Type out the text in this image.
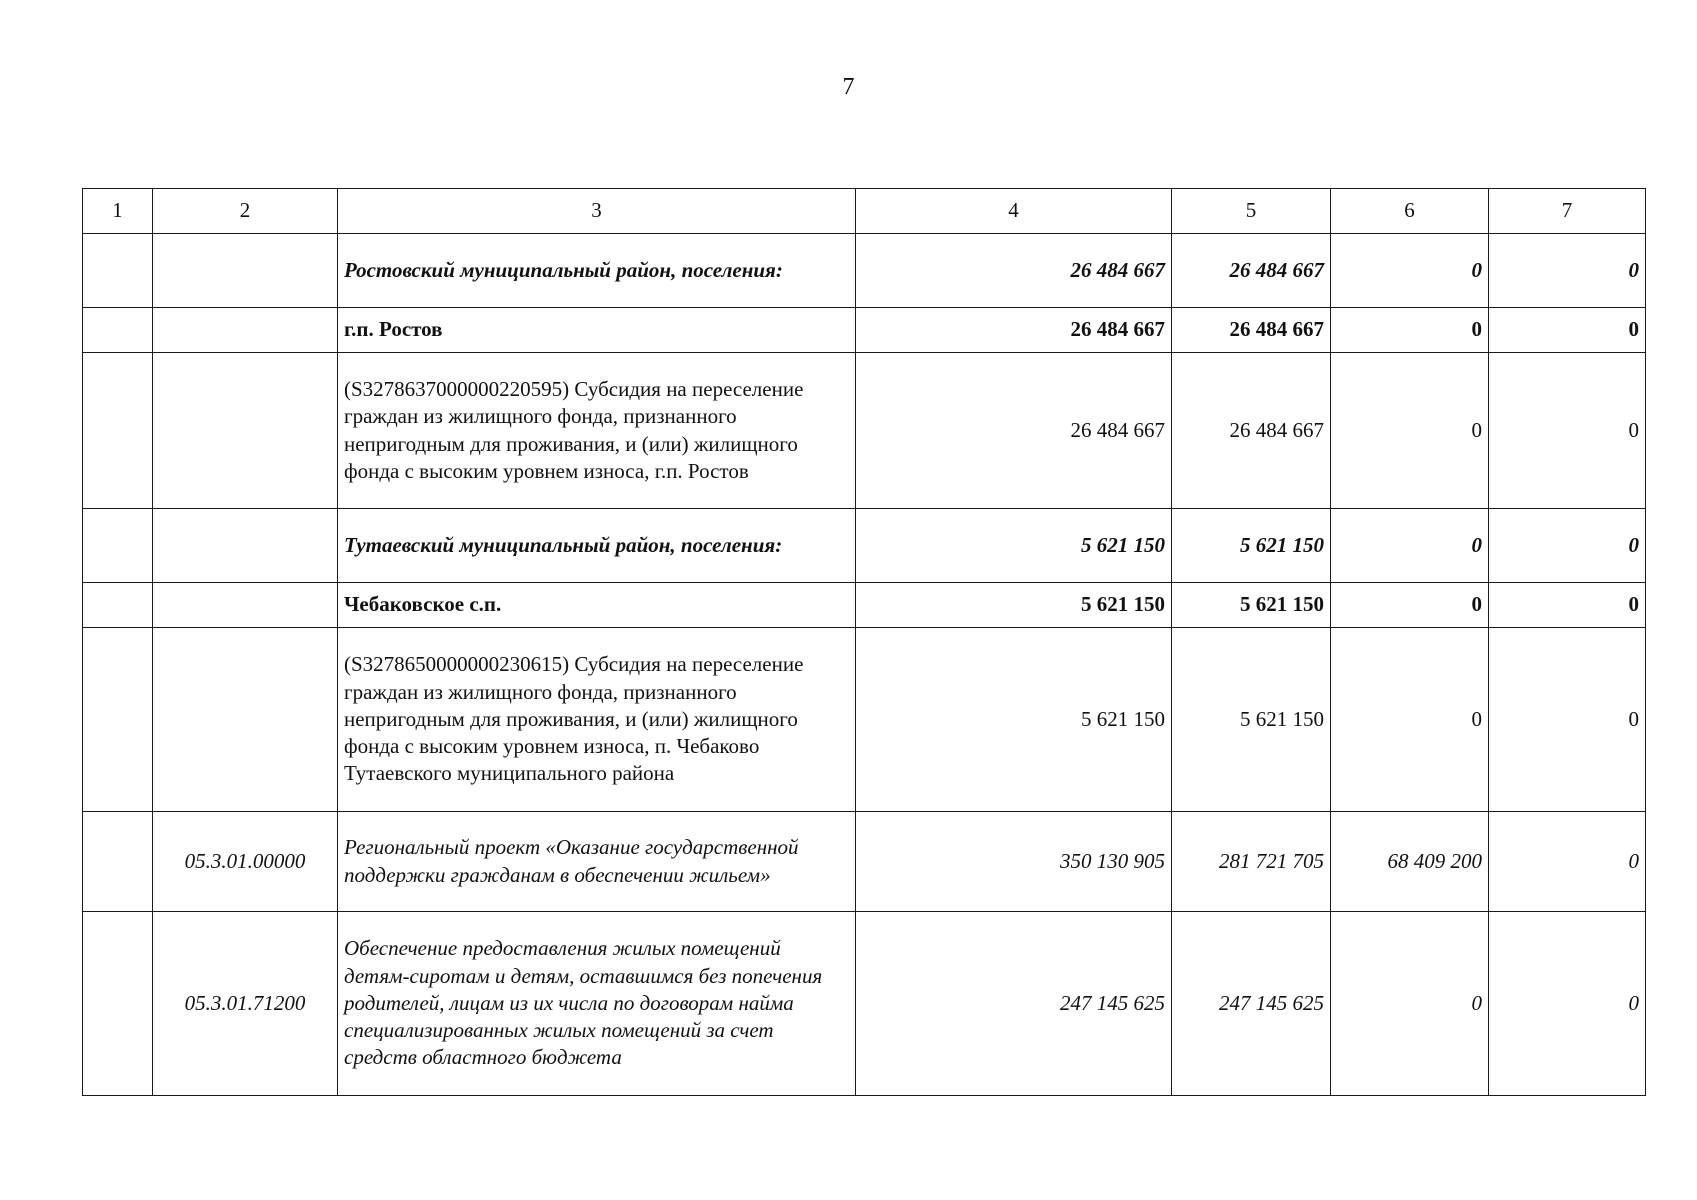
7
1	2	3	4	5	6	7
		Ростовский муниципальный район, поселения:	26 484 667	26 484 667	0	0
		г.п. Ростов	26 484 667	26 484 667	0	0
		(S327863700000022059​5) Субсидия на переселение граждан из жилищного фонда, признанного непригодным для проживания, и (или) жилищного фонда с высоким уровнем износа, г.п. Ростов	26 484 667	26 484 667	0	0
		Тутаевский муниципальный район, поселения:	5 621 150	5 621 150	0	0
		Чебаковское с.п.	5 621 150	5 621 150	0	0
		(S327865000000023061​5) Субсидия на переселение граждан из жилищного фонда, признанного непригодным для проживания, и (или) жилищного фонда с высоким уровнем износа, п. Чебаково Тутаевского муниципального района	5 621 150	5 621 150	0	0
	05.3.01.00000	Региональный проект «Оказание государственной поддержки гражданам в обеспечении жильем»	350 130 905	281 721 705	68 409 200	0
	05.3.01.71200	Обеспечение предоставления жилых помещений детям-сиротам и детям, оставшимся без попечения родителей, лицам из их числа по договорам найма специализированных жилых помещений за счет средств областного бюджета	247 145 625	247 145 625	0	0
